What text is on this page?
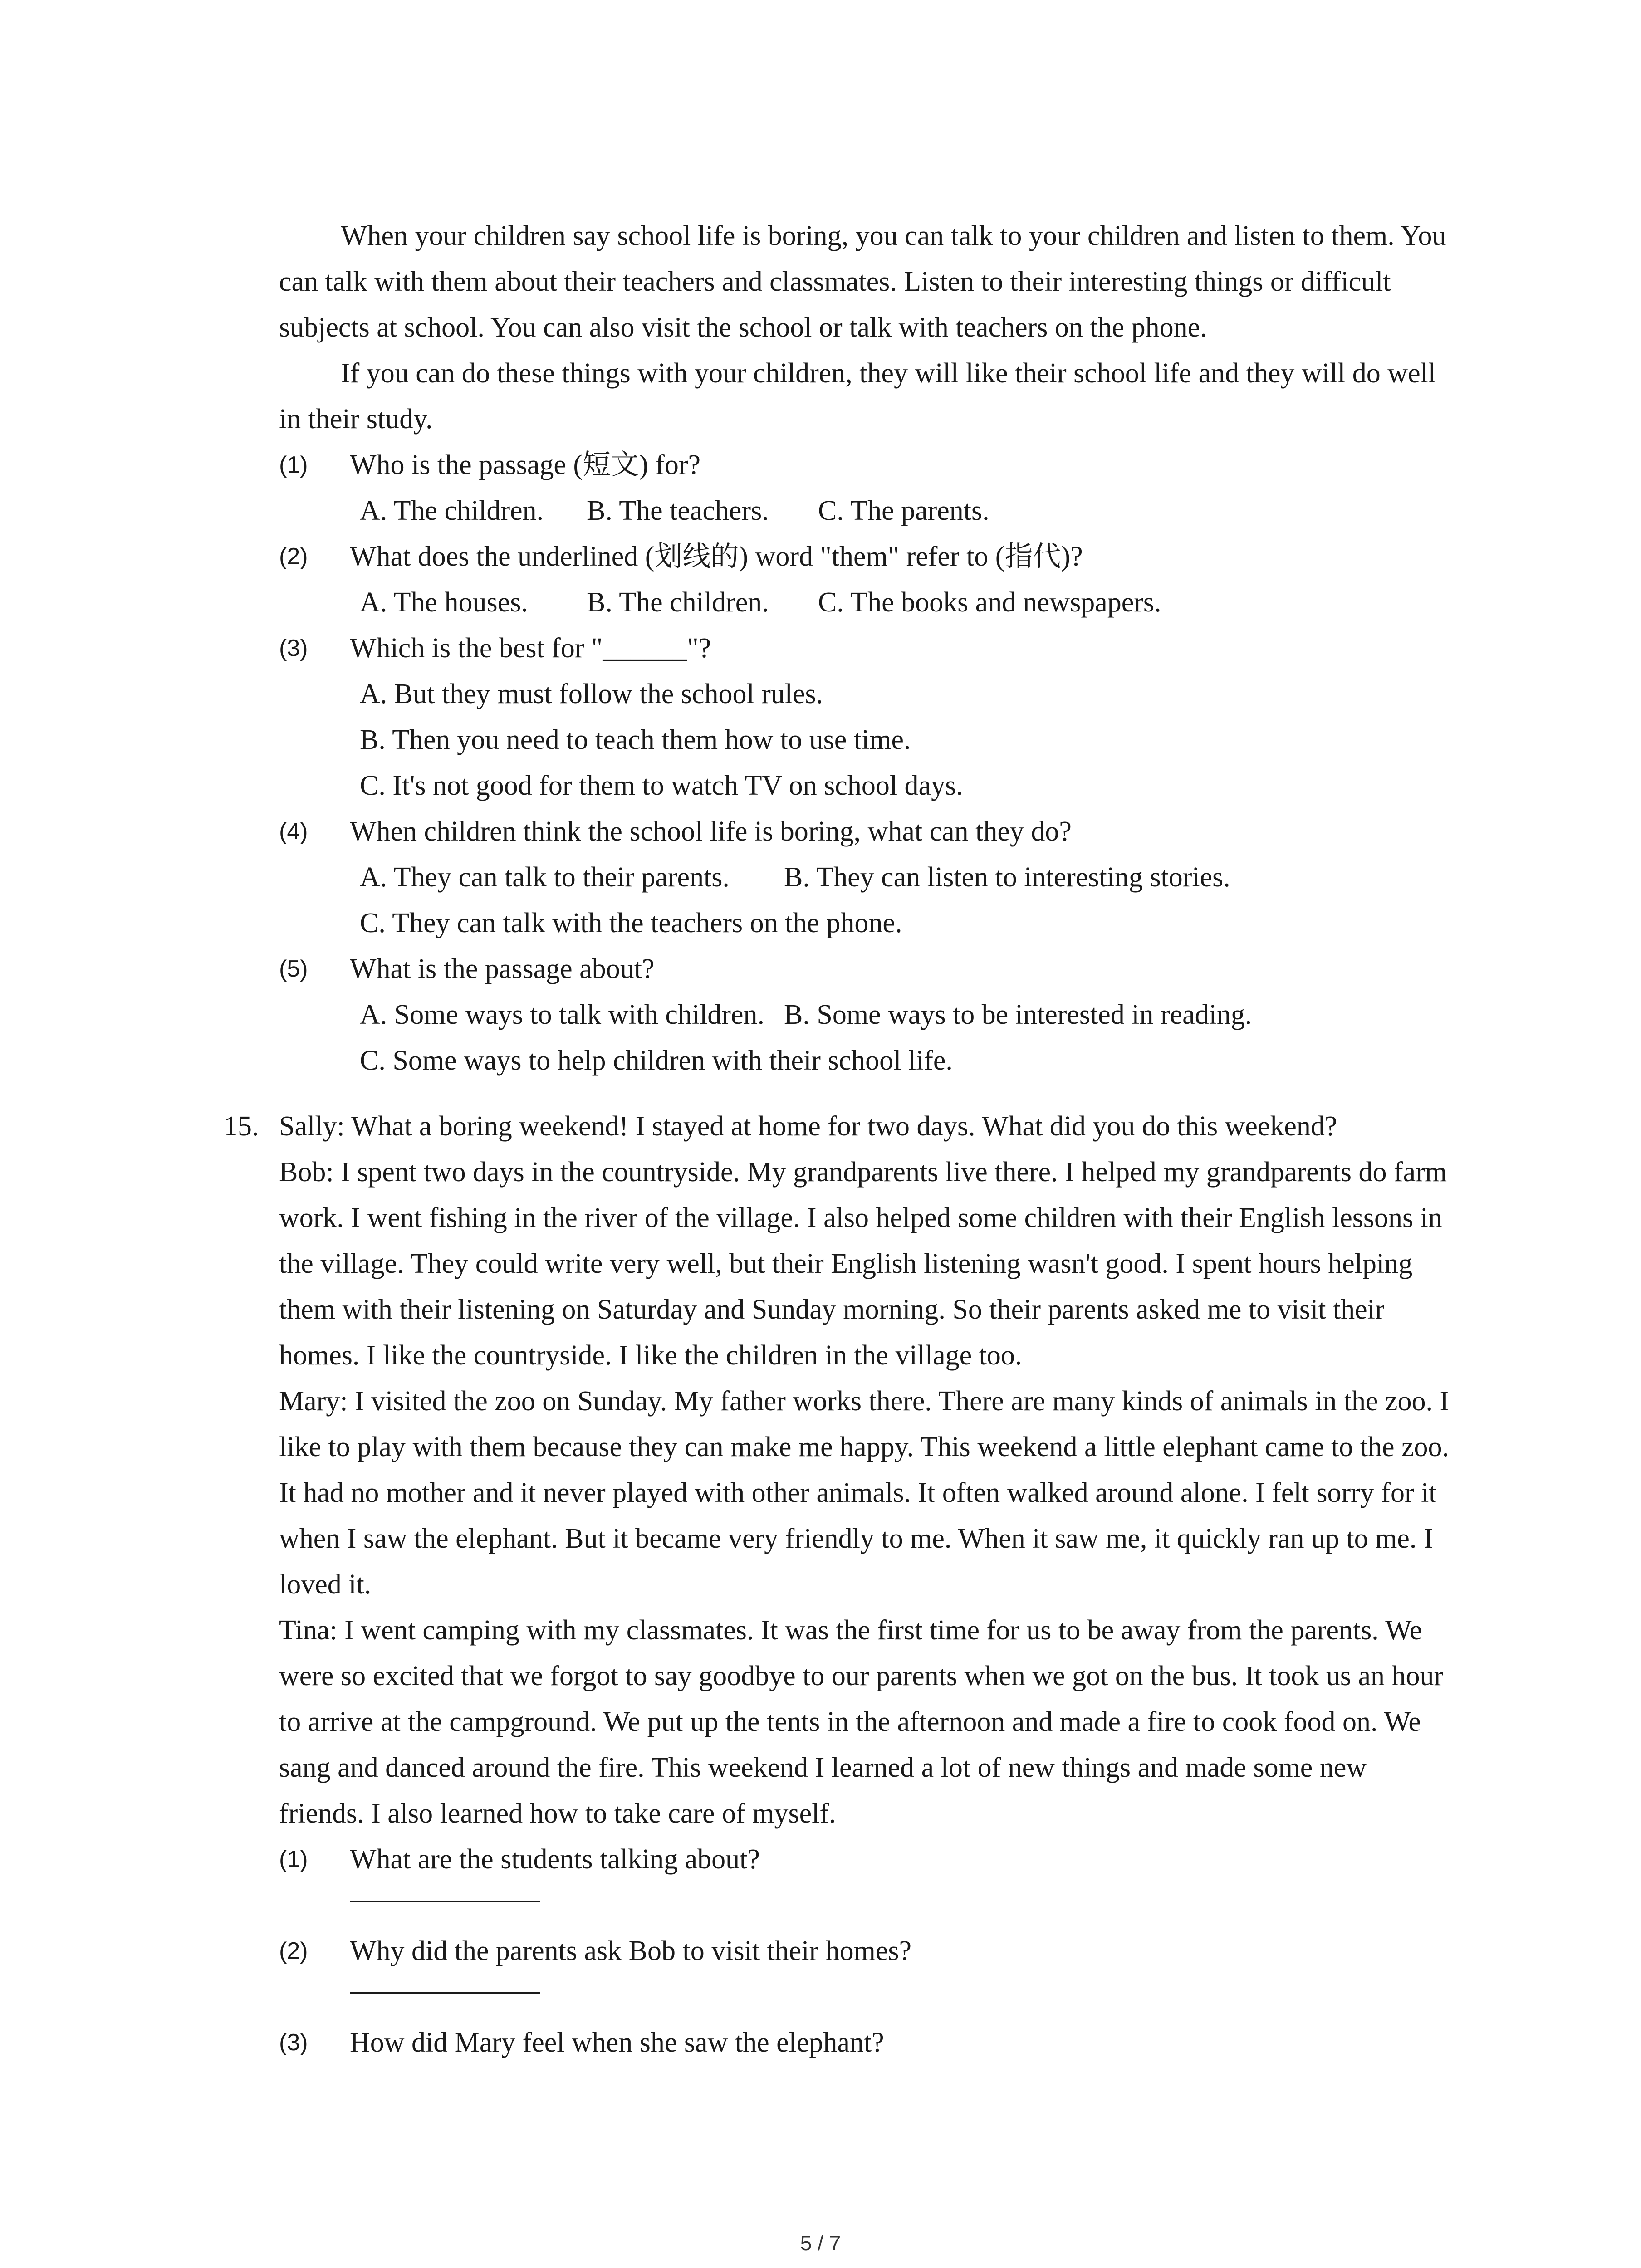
When your children say school life is boring, you can talk to your children and listen to them. You can talk with them about their teachers and classmates. Listen to their interesting things or difficult subjects at school. You can also visit the school or talk with teachers on the phone.

If you can do these things with your children, they will like their school life and they will do well in their study.

(1) Who is the passage (短文) for?
A. The children. B. The teachers. C. The parents.
(2) What does the underlined (划线的) word "them" refer to (指代)?
A. The houses. B. The children. C. The books and newspapers.
(3) Which is the best for "______"?

A. But they must follow the school rules.

B. Then you need to teach them how to use time.

C. It's not good for them to watch TV on school days.

(4) When children think the school life is boring, what can they do?
A. They can talk to their parents. B. They can listen to interesting stories.

C. They can talk with the teachers on the phone.

(5) What is the passage about?
A. Some ways to talk with children. B. Some ways to be interested in reading.

C. Some ways to help children with their school life.

15. Sally: What a boring weekend! I stayed at home for two days. What did you do this weekend?

Bob: I spent two days in the countryside. My grandparents live there. I helped my grandparents do farm work. I went fishing in the river of the village. I also helped some children with their English lessons in the village. They could write very well, but their English listening wasn't good. I spent hours helping them with their listening on Saturday and Sunday morning. So their parents asked me to visit their homes. I like the countryside. I like the children in the village too.

Mary: I visited the zoo on Sunday. My father works there. There are many kinds of animals in the zoo. I like to play with them because they can make me happy. This weekend a little elephant came to the zoo. It had no mother and it never played with other animals. It often walked around alone. I felt sorry for it when I saw the elephant. But it became very friendly to me. When it saw me, it quickly ran up to me. I loved it.

Tina: I went camping with my classmates. It was the first time for us to be away from the parents. We were so excited that we forgot to say goodbye to our parents when we got on the bus. It took us an hour to arrive at the campground. We put up the tents in the afternoon and made a fire to cook food on. We sang and danced around the fire. This weekend I learned a lot of new things and made some new friends. I also learned how to take care of myself.

(1) What are the students talking about?
(2) Why did the parents ask Bob to visit their homes?
(3) How did Mary feel when she saw the elephant?
5 / 7
